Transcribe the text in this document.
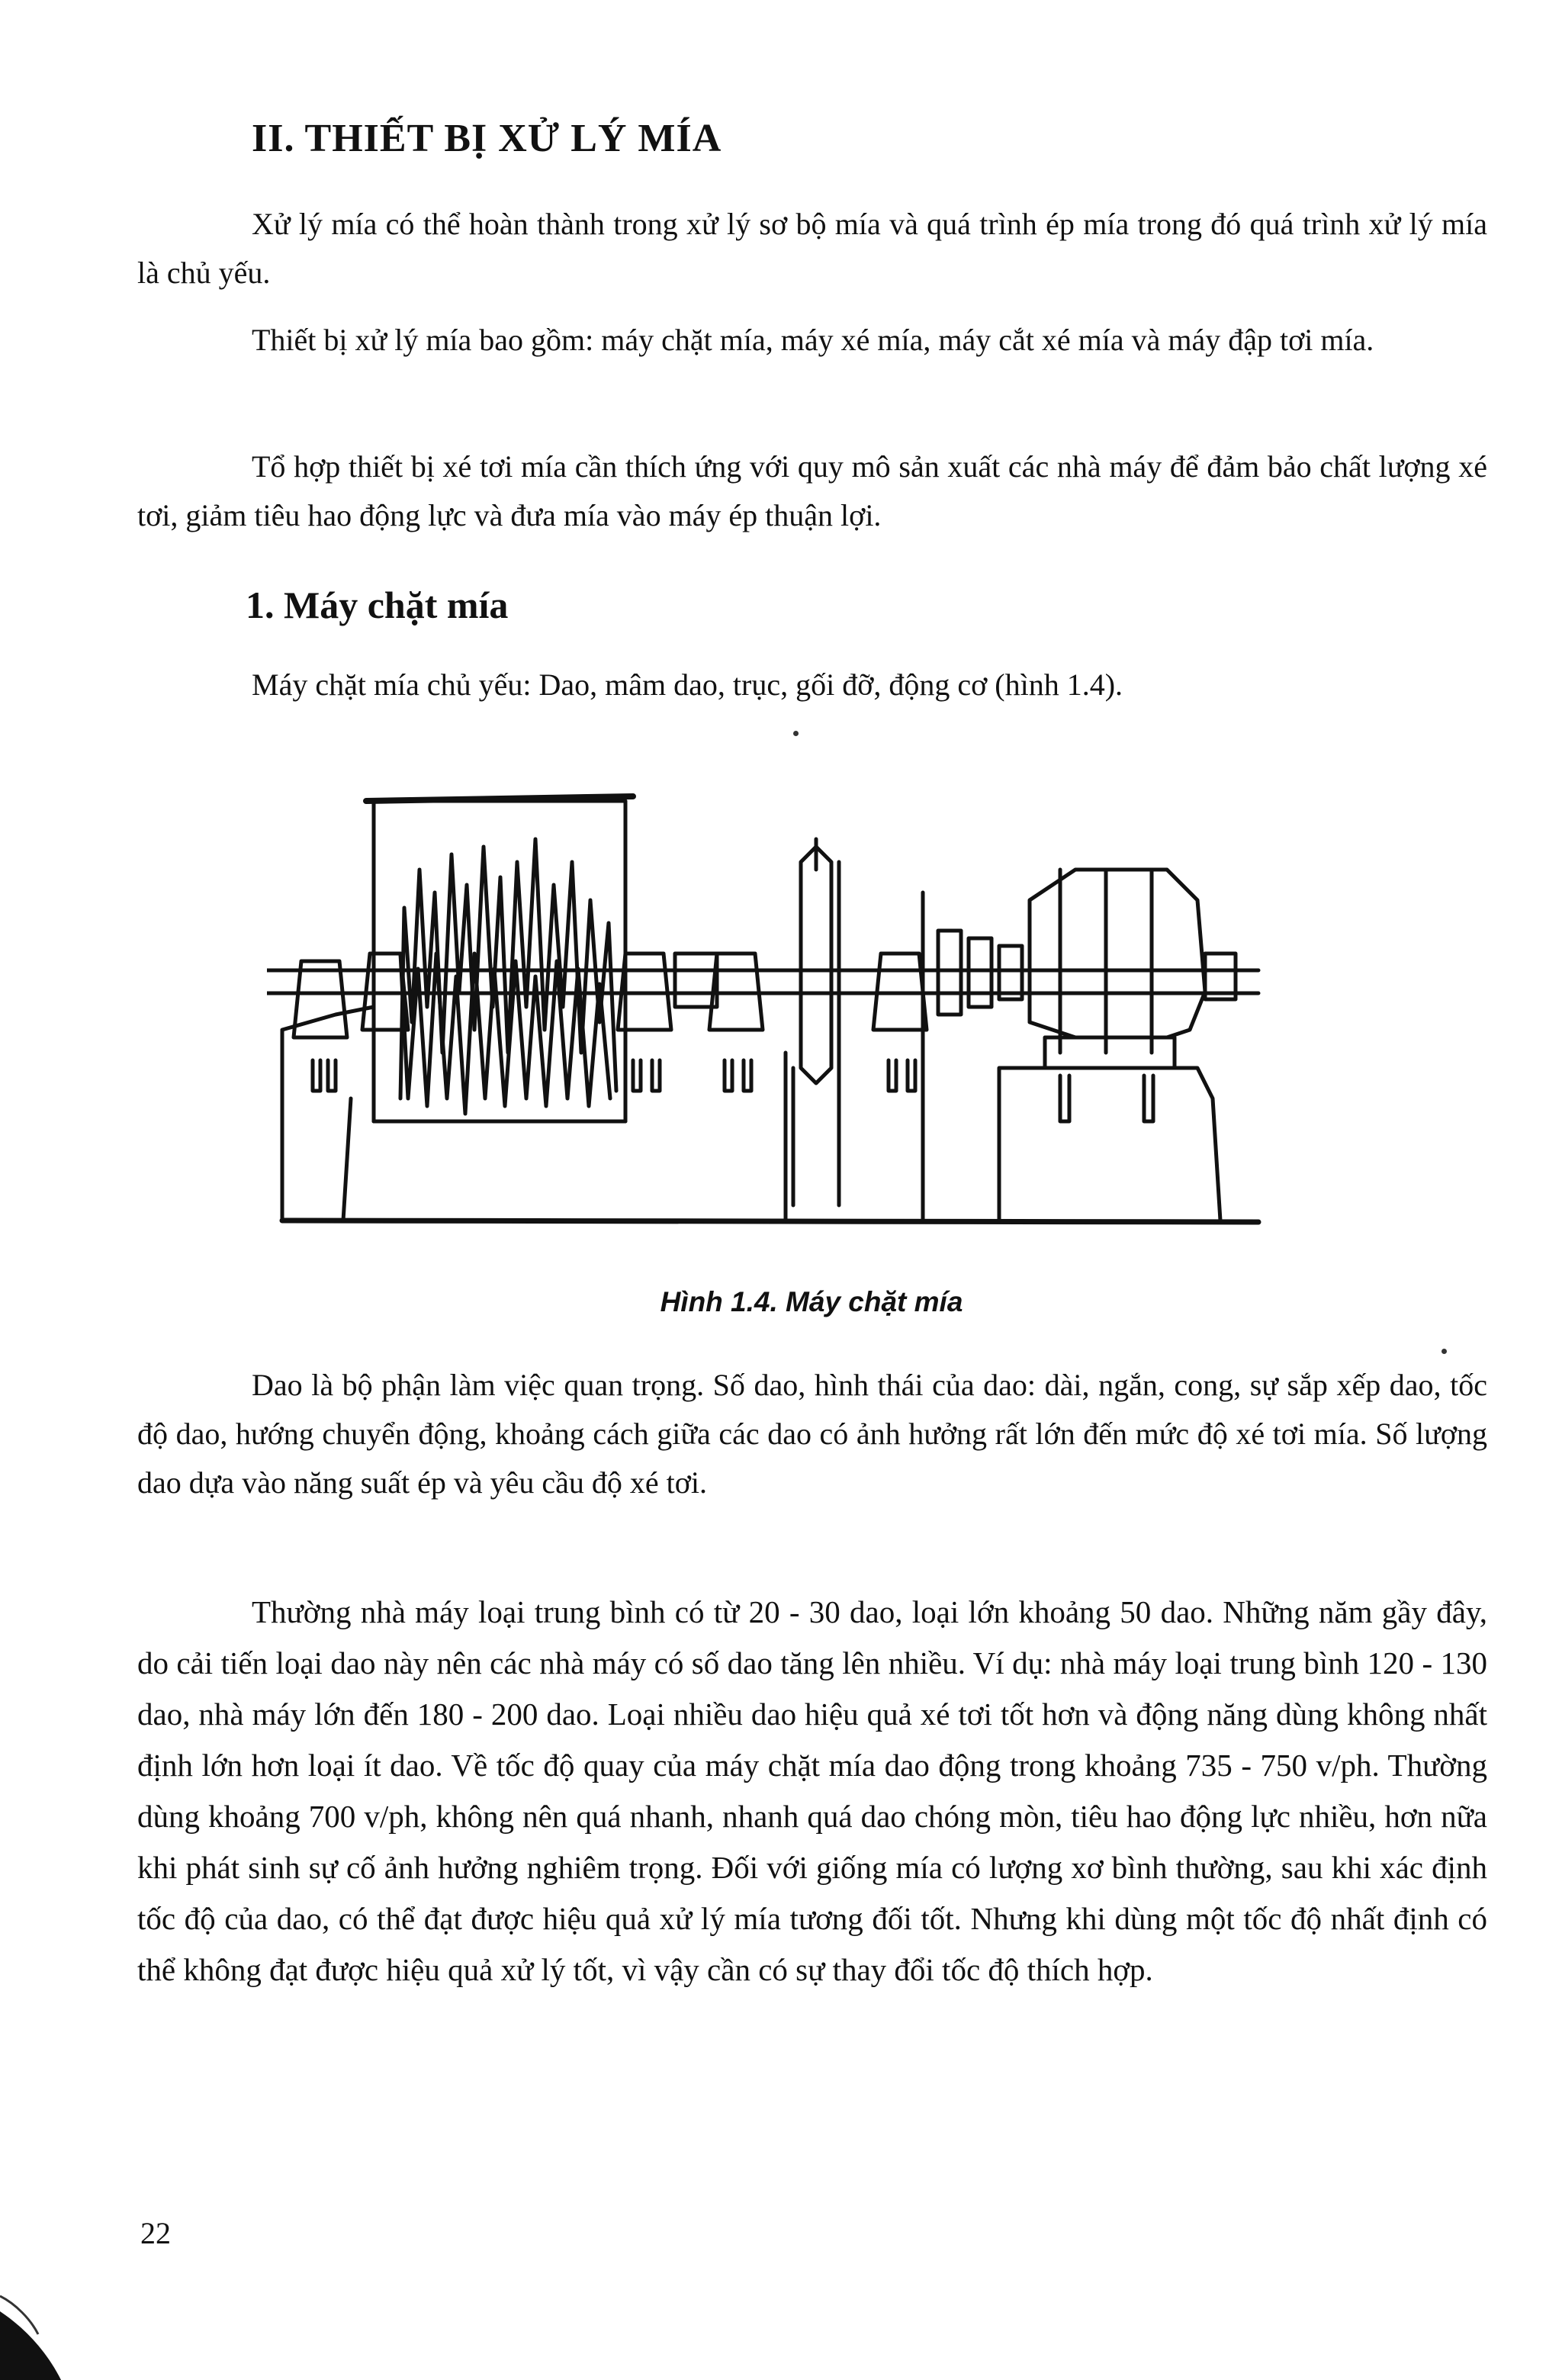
II. THIẾT BỊ XỬ LÝ MÍA

Xử lý mía có thể hoàn thành trong xử lý sơ bộ mía và quá trình ép mía trong đó quá trình xử lý mía là chủ yếu.

Thiết bị xử lý mía bao gồm: máy chặt mía, máy xé mía, máy cắt xé mía và máy đập tơi mía.

Tổ hợp thiết bị xé tơi mía cần thích ứng với quy mô sản xuất các nhà máy để đảm bảo chất lượng xé tơi, giảm tiêu hao động lực và đưa mía vào máy ép thuận lợi.

1. Máy chặt mía

Máy chặt mía chủ yếu: Dao, mâm dao, trục, gối đỡ, động cơ (hình 1.4).

Hình 1.4. Máy chặt mía

Dao là bộ phận làm việc quan trọng. Số dao, hình thái của dao: dài, ngắn, cong, sự sắp xếp dao, tốc độ dao, hướng chuyển động, khoảng cách giữa các dao có ảnh hưởng rất lớn đến mức độ xé tơi mía. Số lượng dao dựa vào năng suất ép và yêu cầu độ xé tơi.

Thường nhà máy loại trung bình có từ 20 - 30 dao, loại lớn khoảng 50 dao. Những năm gầy đây, do cải tiến loại dao này nên các nhà máy có số dao tăng lên nhiều. Ví dụ: nhà máy loại trung bình 120 - 130 dao, nhà máy lớn đến 180 - 200 dao. Loại nhiều dao hiệu quả xé tơi tốt hơn và động năng dùng không nhất định lớn hơn loại ít dao. Về tốc độ quay của máy chặt mía dao động trong khoảng 735 - 750 v/ph. Thường dùng khoảng 700 v/ph, không nên quá nhanh, nhanh quá dao chóng mòn, tiêu hao động lực nhiều, hơn nữa khi phát sinh sự cố ảnh hưởng nghiêm trọng. Đối với giống mía có lượng xơ bình thường, sau khi xác định tốc độ của dao, có thể đạt được hiệu quả xử lý mía tương đối tốt. Nhưng khi dùng một tốc độ nhất định có thể không đạt được hiệu quả xử lý tốt, vì vậy cần có sự thay đổi tốc độ thích hợp.

22
